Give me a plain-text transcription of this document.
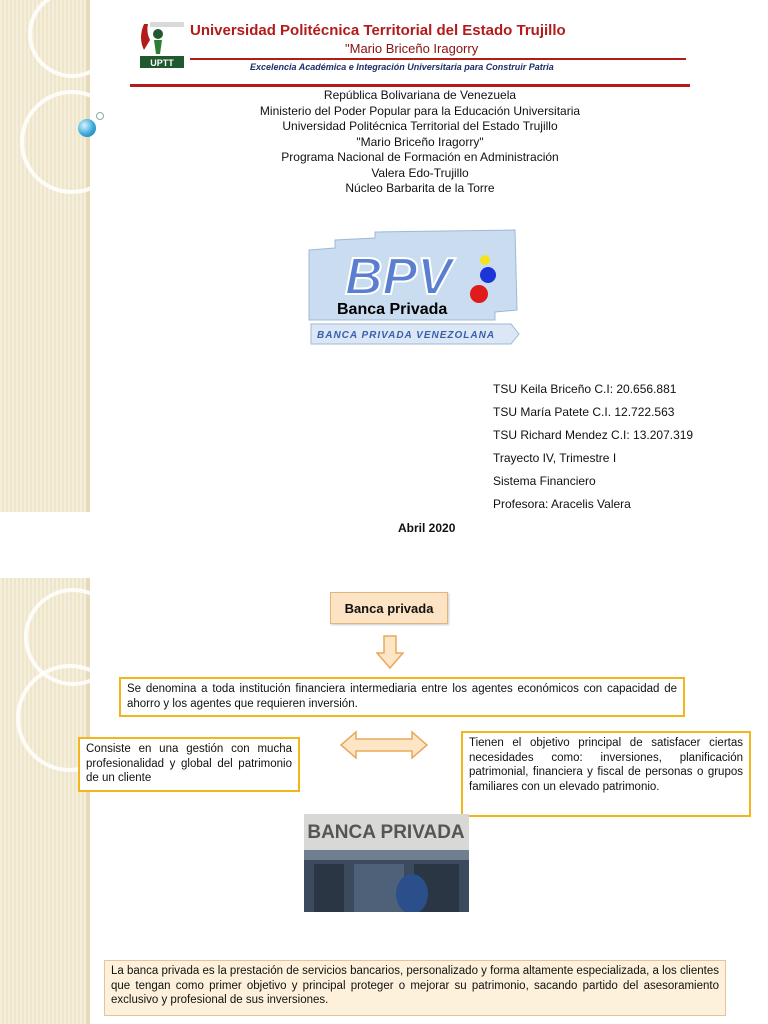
UPTT
Universidad Politécnica Territorial del Estado Trujillo
"Mario Briceño Iragorry
Excelencia Académica e Integración Universitaria para Construir Patria
República Bolivariana de Venezuela
Ministerio del Poder Popular para la Educación Universitaria
Universidad Politécnica Territorial del Estado Trujillo
"Mario Briceño Iragorry"
Programa Nacional de Formación en Administración
Valera Edo-Trujillo
Núcleo Barbarita de la Torre
BPV
BANCA PRIVADA VENEZOLANA
Banca Privada
TSU Keila Briceño C.I: 20.656.881
TSU María Patete C.I. 12.722.563
TSU Richard Mendez C.I: 13.207.319
Trayecto IV, Trimestre I
Sistema Financiero
Profesora: Aracelis Valera
Abril 2020
Banca privada
Se denomina a toda institución financiera intermediaria entre los agentes económicos con capacidad de ahorro y los agentes que requieren inversión.
Consiste en una gestión con mucha profesionalidad y global del patrimonio de un cliente
Tienen el objetivo principal de satisfacer ciertas necesidades como: inversiones, planificación patrimonial, financiera y fiscal de personas o grupos familiares con un elevado patrimonio.
BANCA PRIVADA
La banca privada es la prestación de servicios bancarios, personalizado y forma altamente especializada, a los clientes que tengan como primer objetivo y principal proteger o mejorar su patrimonio, sacando partido del asesoramiento exclusivo y profesional de sus inversiones.
